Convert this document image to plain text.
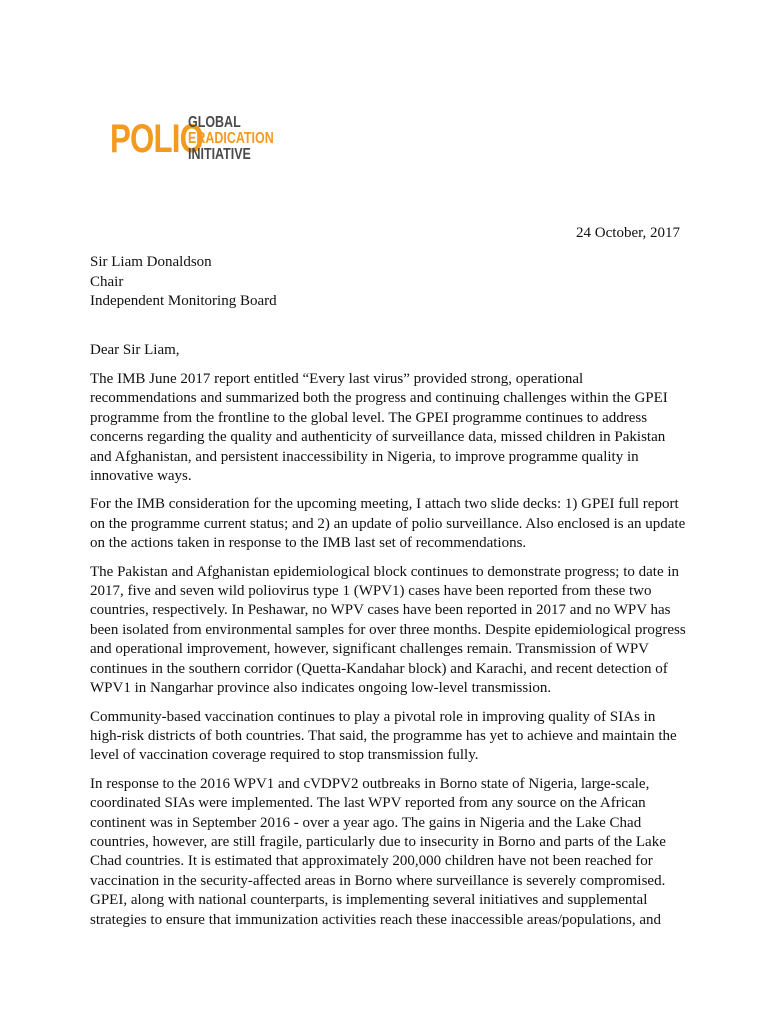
POLIO
GLOBAL
ERADICATION
INITIATIVE
24 October, 2017
Sir Liam Donaldson
Chair
Independent Monitoring Board
Dear Sir Liam,

The IMB June 2017 report entitled “Every last virus” provided strong, operational recommendations and summarized both the progress and continuing challenges within the GPEI programme from the frontline to the global level. The GPEI programme continues to address concerns regarding the quality and authenticity of surveillance data, missed children in Pakistan and Afghanistan, and persistent inaccessibility in Nigeria, to improve programme quality in innovative ways.

For the IMB consideration for the upcoming meeting, I attach two slide decks: 1) GPEI full report on the programme current status; and 2) an update of polio surveillance. Also enclosed is an update on the actions taken in response to the IMB last set of recommendations.

The Pakistan and Afghanistan epidemiological block continues to demonstrate progress; to date in 2017, five and seven wild poliovirus type 1 (WPV1) cases have been reported from these two countries, respectively. In Peshawar, no WPV cases have been reported in 2017 and no WPV has been isolated from environmental samples for over three months. Despite epidemiological progress and operational improvement, however, significant challenges remain. Transmission of WPV continues in the southern corridor (Quetta-Kandahar block) and Karachi, and recent detection of WPV1 in Nangarhar province also indicates ongoing low-level transmission.

Community-based vaccination continues to play a pivotal role in improving quality of SIAs in high-risk districts of both countries. That said, the programme has yet to achieve and maintain the level of vaccination coverage required to stop transmission fully.

In response to the 2016 WPV1 and cVDPV2 outbreaks in Borno state of Nigeria, large-scale, coordinated SIAs were implemented. The last WPV reported from any source on the African continent was in September 2016 - over a year ago. The gains in Nigeria and the Lake Chad countries, however, are still fragile, particularly due to insecurity in Borno and parts of the Lake Chad countries. It is estimated that approximately 200,000 children have not been reached for vaccination in the security-affected areas in Borno where surveillance is severely compromised. GPEI, along with national counterparts, is implementing several initiatives and supplemental strategies to ensure that immunization activities reach these inaccessible areas/populations, and
